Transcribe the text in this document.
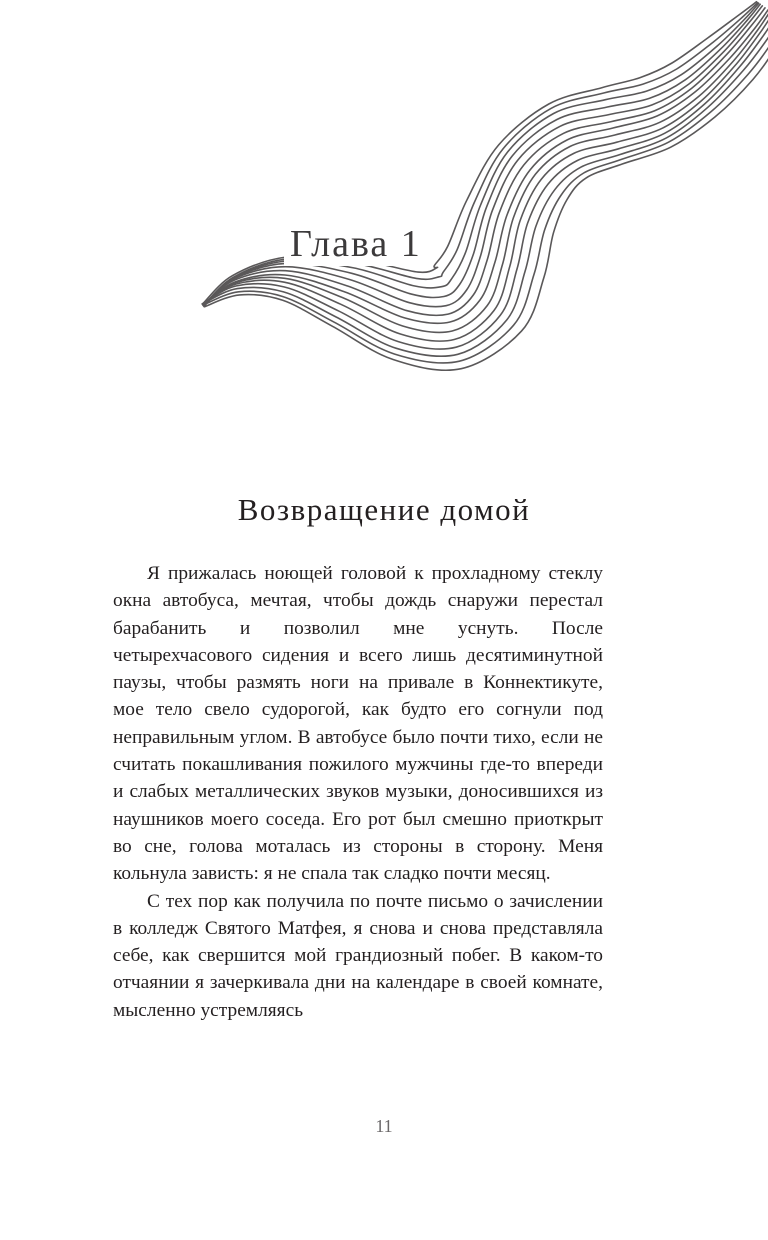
Глава 1
Возвращение домой

Я прижалась ноющей головой к прохладному стеклу окна автобуса, мечтая, чтобы дождь снаружи перестал барабанить и позволил мне уснуть. После четырехчасового сидения и всего лишь десятиминутной паузы, чтобы размять ноги на привале в Коннектикуте, мое тело свело судорогой, как будто его согнули под неправильным углом. В автобусе было почти тихо, если не считать покашливания пожилого мужчины где-то впереди и слабых металлических звуков музыки, доносившихся из наушников моего соседа. Его рот был смешно приоткрыт во сне, голова моталась из стороны в сторону. Меня кольнула зависть: я не спала так сладко почти месяц.

С тех пор как получила по почте письмо о зачислении в колледж Святого Матфея, я снова и снова представляла себе, как свершится мой грандиозный побег. В каком-то отчаянии я зачеркивала дни на календаре в своей комнате, мысленно устремляясь

11
